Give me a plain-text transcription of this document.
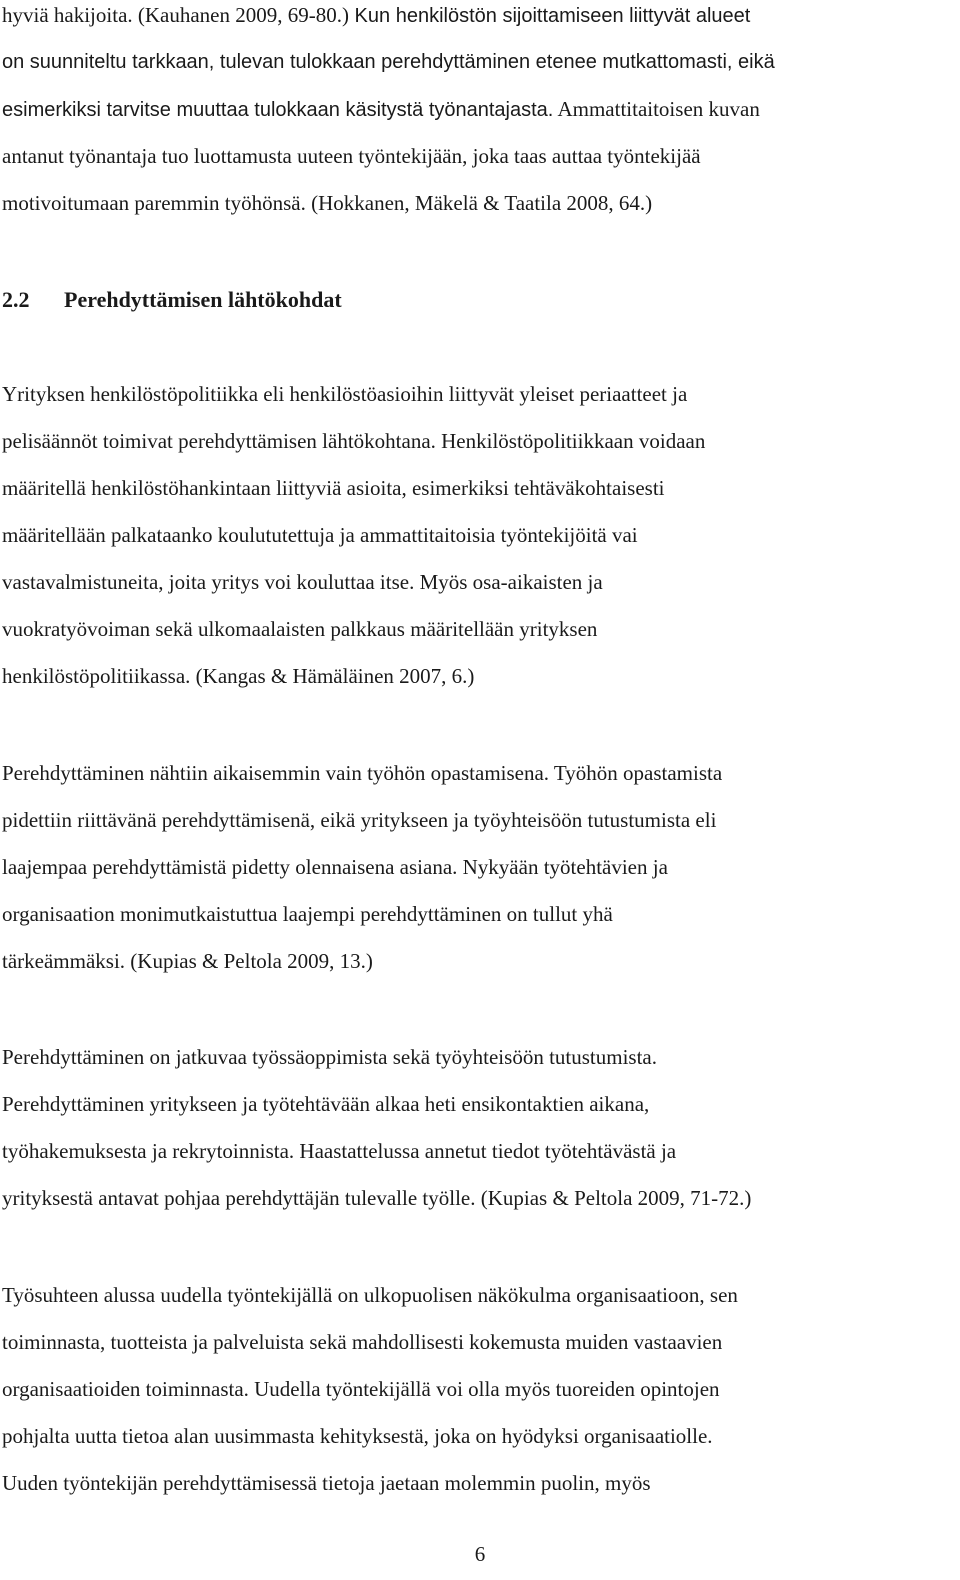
hyviä hakijoita. (Kauhanen 2009, 69-80.) Kun henkilöstön sijoittamiseen liittyvät alueet
on suunniteltu tarkkaan, tulevan tulokkaan perehdyttäminen etenee mutkattomasti, eikä
esimerkiksi tarvitse muuttaa tulokkaan käsitystä työnantajasta. Ammattitaitoisen kuvan
antanut työnantaja tuo luottamusta uuteen työntekijään, joka taas auttaa työntekijää
motivoitumaan paremmin työhönsä. (Hokkanen, Mäkelä & Taatila 2008, 64.)
2.2 Perehdyttämisen lähtökohdat
Yrityksen henkilöstöpolitiikka eli henkilöstöasioihin liittyvät yleiset periaatteet ja
pelisäännöt toimivat perehdyttämisen lähtökohtana. Henkilöstöpolitiikkaan voidaan
määritellä henkilöstöhankintaan liittyviä asioita, esimerkiksi tehtäväkohtaisesti
määritellään palkataanko koulututettuja ja ammattitaitoisia työntekijöitä vai
vastavalmistuneita, joita yritys voi kouluttaa itse. Myös osa-aikaisten ja
vuokratyövoiman sekä ulkomaalaisten palkkaus määritellään yrityksen
henkilöstöpolitiikassa. (Kangas & Hämäläinen 2007, 6.)
Perehdyttäminen nähtiin aikaisemmin vain työhön opastamisena. Työhön opastamista
pidettiin riittävänä perehdyttämisenä, eikä yritykseen ja työyhteisöön tutustumista eli
laajempaa perehdyttämistä pidetty olennaisena asiana. Nykyään työtehtävien ja
organisaation monimutkaistuttua laajempi perehdyttäminen on tullut yhä
tärkeämmäksi. (Kupias & Peltola 2009, 13.)
Perehdyttäminen on jatkuvaa työssäoppimista sekä työyhteisöön tutustumista.
Perehdyttäminen yritykseen ja työtehtävään alkaa heti ensikontaktien aikana,
työhakemuksesta ja rekrytoinnista. Haastattelussa annetut tiedot työtehtävästä ja
yrityksestä antavat pohjaa perehdyttäjän tulevalle työlle. (Kupias & Peltola 2009, 71-72.)
Työsuhteen alussa uudella työntekijällä on ulkopuolisen näkökulma organisaatioon, sen
toiminnasta, tuotteista ja palveluista sekä mahdollisesti kokemusta muiden vastaavien
organisaatioiden toiminnasta. Uudella työntekijällä voi olla myös tuoreiden opintojen
pohjalta uutta tietoa alan uusimmasta kehityksestä, joka on hyödyksi organisaatiolle.
Uuden työntekijän perehdyttämisessä tietoja jaetaan molemmin puolin, myös
6
